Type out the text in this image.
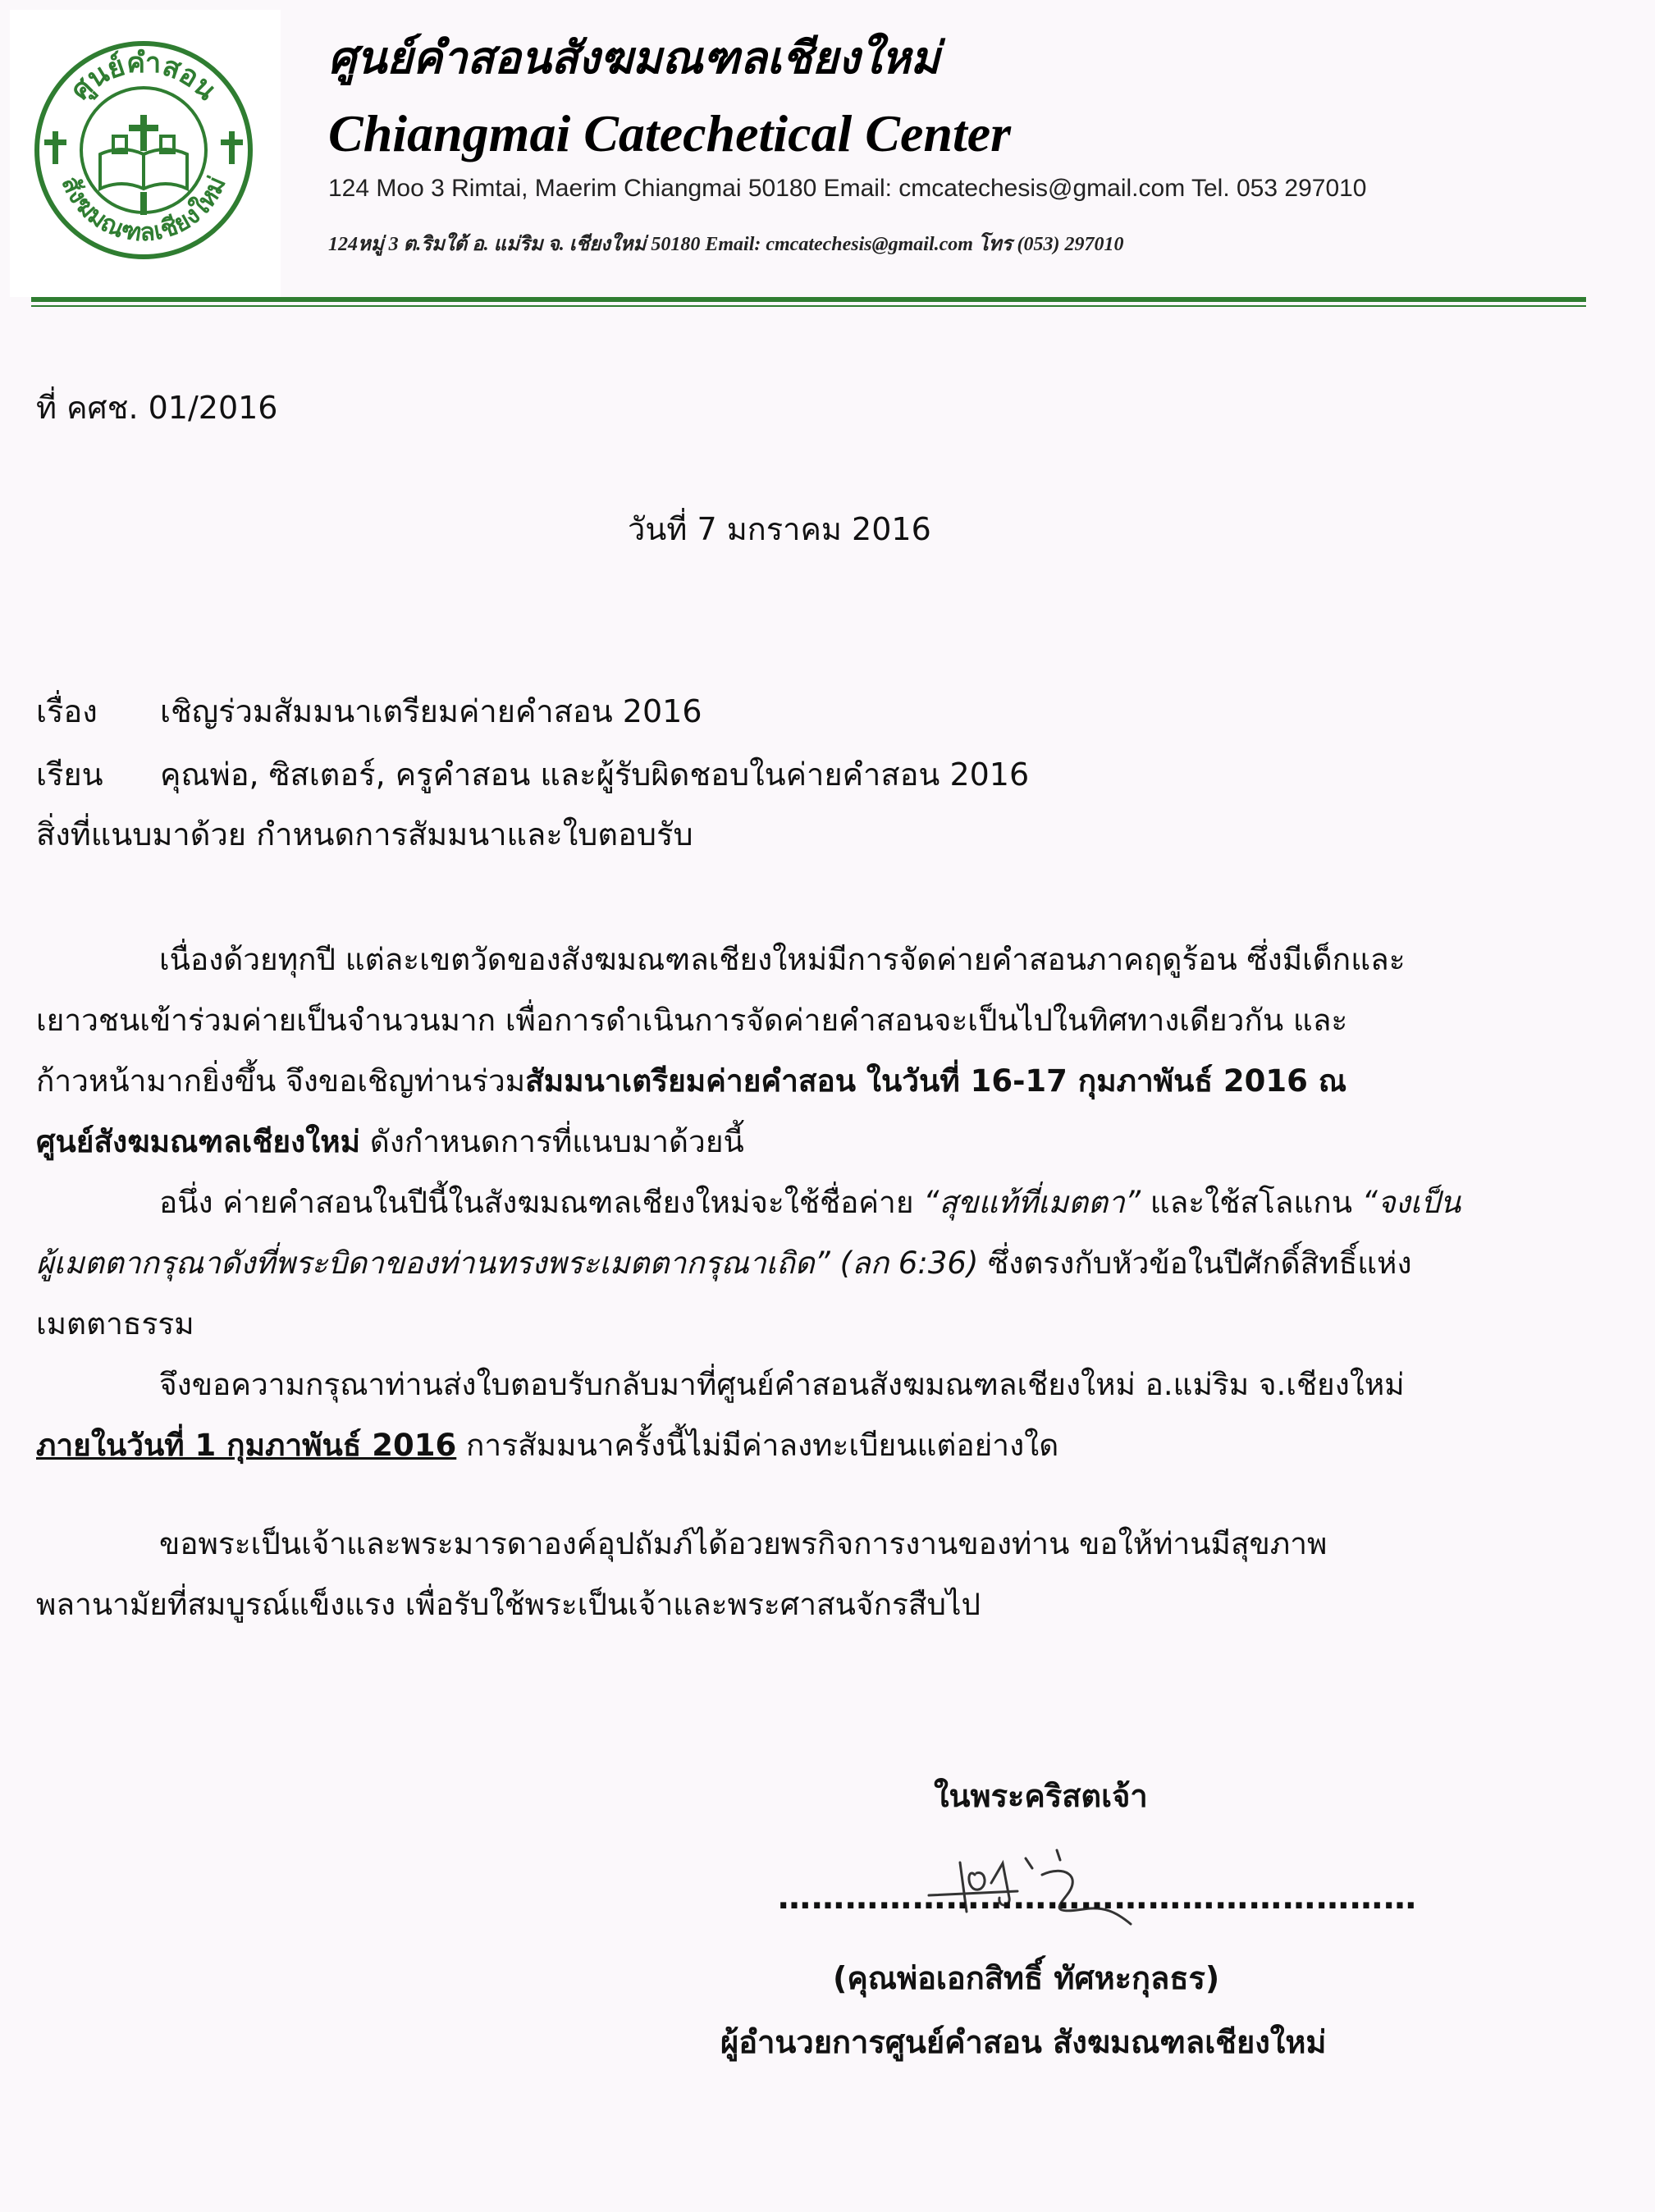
ศูนย์คำสอน
สังฆมณฑลเชียงใหม่
ศูนย์คำสอนสังฆมณฑลเชียงใหม่
Chiangmai Catechetical Center
124 Moo 3 Rimtai, Maerim Chiangmai 50180 Email: cmcatechesis@gmail.com Tel. 053 297010
124หมู่ 3 ต.ริมใต้ อ. แม่ริม จ. เชียงใหม่ 50180 Email: cmcatechesis@gmail.com โทร (053) 297010
ที่ คศช. 01/2016
วันที่ 7 มกราคม 2016
เรื่อง เชิญร่วมสัมมนาเตรียมค่ายคำสอน 2016
เรียน คุณพ่อ, ซิสเตอร์, ครูคำสอน และผู้รับผิดชอบในค่ายคำสอน 2016
สิ่งที่แนบมาด้วย กำหนดการสัมมนาและใบตอบรับ
เนื่องด้วยทุกปี แต่ละเขตวัดของสังฆมณฑลเชียงใหม่มีการจัดค่ายคำสอนภาคฤดูร้อน ซึ่งมีเด็กและ
เยาวชนเข้าร่วมค่ายเป็นจำนวนมาก เพื่อการดำเนินการจัดค่ายคำสอนจะเป็นไปในทิศทางเดียวกัน และ
ก้าวหน้ามากยิ่งขึ้น จึงขอเชิญท่านร่วมสัมมนาเตรียมค่ายคำสอน ในวันที่ 16-17 กุมภาพันธ์ 2016 ณ
ศูนย์สังฆมณฑลเชียงใหม่ ดังกำหนดการที่แนบมาด้วยนี้
อนึ่ง ค่ายคำสอนในปีนี้ในสังฆมณฑลเชียงใหม่จะใช้ชื่อค่าย “สุขแท้ที่เมตตา” และใช้สโลแกน “จงเป็น
ผู้เมตตากรุณาดังที่พระบิดาของท่านทรงพระเมตตากรุณาเถิด” (ลก 6:36) ซึ่งตรงกับหัวข้อในปีศักดิ์สิทธิ์แห่ง
เมตตาธรรม
จึงขอความกรุณาท่านส่งใบตอบรับกลับมาที่ศูนย์คำสอนสังฆมณฑลเชียงใหม่ อ.แม่ริม จ.เชียงใหม่
ภายในวันที่ 1 กุมภาพันธ์ 2016 การสัมมนาครั้งนี้ไม่มีค่าลงทะเบียนแต่อย่างใด
ขอพระเป็นเจ้าและพระมารดาองค์อุปถัมภ์ได้อวยพรกิจการงานของท่าน ขอให้ท่านมีสุขภาพ
พลานามัยที่สมบูรณ์แข็งแรง เพื่อรับใช้พระเป็นเจ้าและพระศาสนจักรสืบไป
ในพระคริสตเจ้า
…………………………………………………
(คุณพ่อเอกสิทธิ์ ทัศหะกุลธร)
ผู้อำนวยการศูนย์คำสอน สังฆมณฑลเชียงใหม่
